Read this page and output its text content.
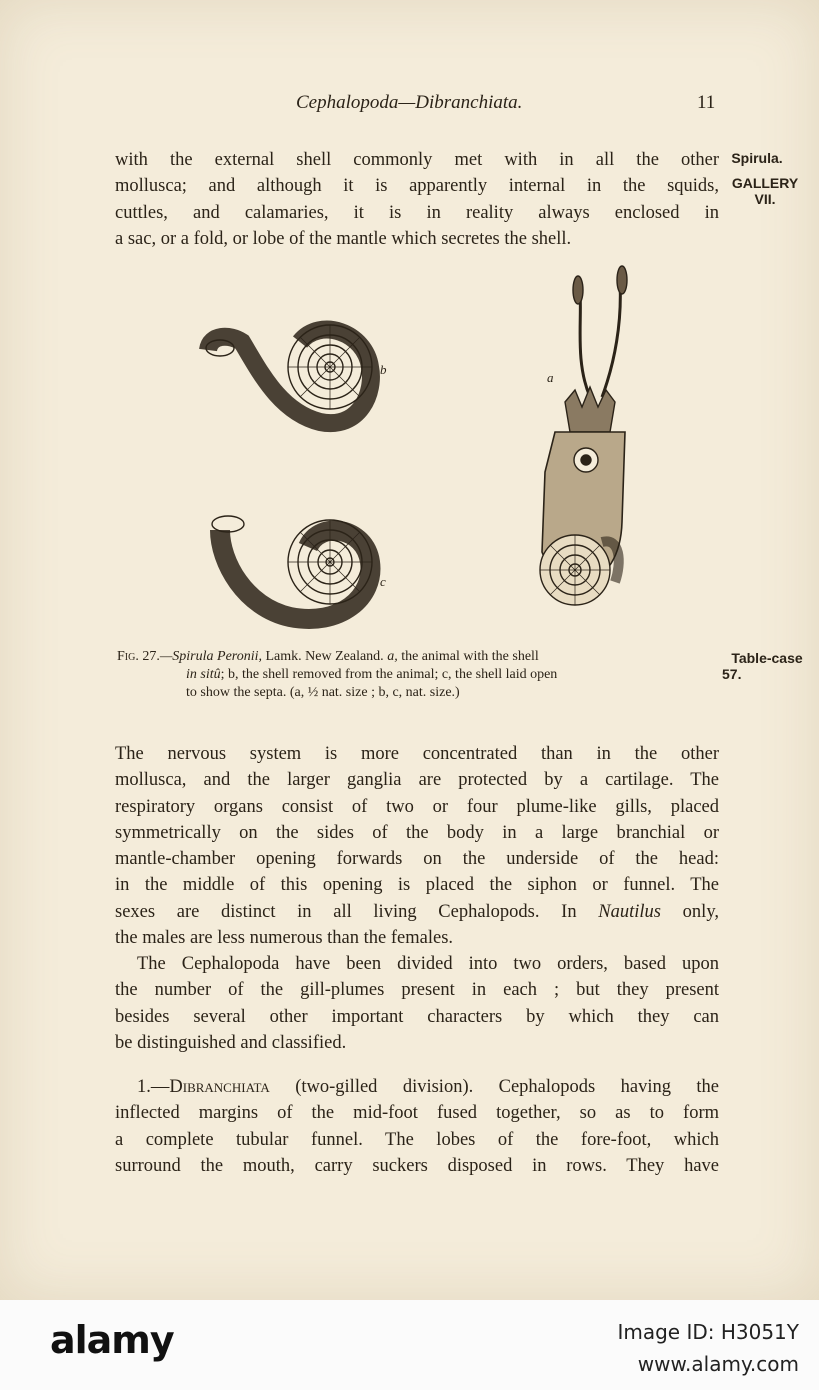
Cephalopoda—Dibranchiata.	11
Spirula.
GALLERY
VII.
with the external shell commonly met with in all the other
mollusca; and although it is apparently internal in the squids,
cuttles, and calamaries, it is in reality always enclosed in
a sac, or a fold, or lobe of the mantle which secretes the shell.
b
c
a
Fig. 27.—Spirula Peronii, Lamk. New Zealand. a, the animal with the shell
in sitû; b, the shell removed from the animal; c, the shell laid open
to show the septa. (a, ½ nat. size ; b, c, nat. size.)
Table-case
57.
The nervous system is more concentrated than in the other
mollusca, and the larger ganglia are protected by a cartilage. The
respiratory organs consist of two or four plume-like gills, placed
symmetrically on the sides of the body in a large branchial or
mantle-chamber opening forwards on the underside of the head:
in the middle of this opening is placed the siphon or funnel. The
sexes are distinct in all living Cephalopods. In Nautilus only,
the males are less numerous than the females.
The Cephalopoda have been divided into two orders, based upon
the number of the gill-plumes present in each ; but they present
besides several other important characters by which they can
be distinguished and classified.
1.—Dibranchiata (two-gilled division). Cephalopods having the
inflected margins of the mid-foot fused together, so as to form
a complete tubular funnel. The lobes of the fore-foot, which
surround the mouth, carry suckers disposed in rows. They have
alamy	Image ID: H3051Y
www.alamy.com
